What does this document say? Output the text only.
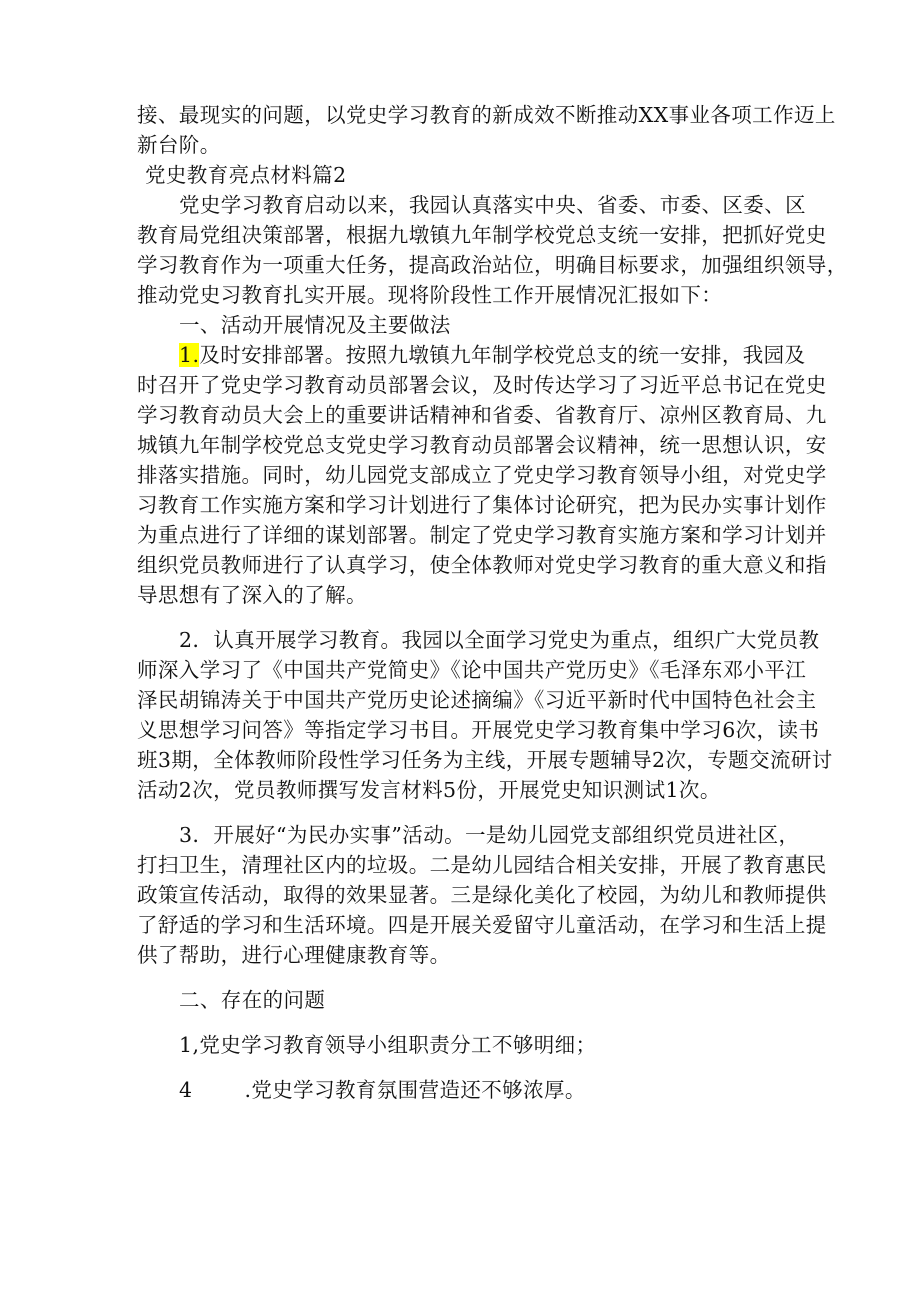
接、最现实的问题，以党史学习教育的新成效不断推动XX事业各项工作迈上
新台阶。
党史教育亮点材料篇2
党史学习教育启动以来，我园认真落实中央、省委、市委、区委、区
教育局党组决策部署，根据九墩镇九年制学校党总支统一安排，把抓好党史
学习教育作为一项重大任务，提高政治站位，明确目标要求，加强组织领导，
推动党史习教育扎实开展。现将阶段性工作开展情况汇报如下：
一、活动开展情况及主要做法
1.及时安排部署。按照九墩镇九年制学校党总支的统一安排，我园及
时召开了党史学习教育动员部署会议，及时传达学习了习近平总书记在党史
学习教育动员大会上的重要讲话精神和省委、省教育厅、凉州区教育局、九
城镇九年制学校党总支党史学习教育动员部署会议精神，统一思想认识，安
排落实措施。同时，幼儿园党支部成立了党史学习教育领导小组，对党史学
习教育工作实施方案和学习计划进行了集体讨论研究，把为民办实事计划作
为重点进行了详细的谋划部署。制定了党史学习教育实施方案和学习计划并
组织党员教师进行了认真学习，使全体教师对党史学习教育的重大意义和指
导思想有了深入的了解。
2．认真开展学习教育。我园以全面学习党史为重点，组织广大党员教
师深入学习了《中国共产党简史》《论中国共产党历史》《毛泽东邓小平江
泽民胡锦涛关于中国共产党历史论述摘编》《习近平新时代中国特色社会主
义思想学习问答》等指定学习书目。开展党史学习教育集中学习6次，读书
班3期，全体教师阶段性学习任务为主线，开展专题辅导2次，专题交流研讨
活动2次，党员教师撰写发言材料5份，开展党史知识测试1次。
3．开展好“为民办实事”活动。一是幼儿园党支部组织党员进社区，
打扫卫生，清理社区内的垃圾。二是幼儿园结合相关安排，开展了教育惠民
政策宣传活动，取得的效果显著。三是绿化美化了校园，为幼儿和教师提供
了舒适的学习和生活环境。四是开展关爱留守儿童活动，在学习和生活上提
供了帮助，进行心理健康教育等。
二、存在的问题
1,党史学习教育领导小组职责分工不够明细；
4	.党史学习教育氛围营造还不够浓厚。
